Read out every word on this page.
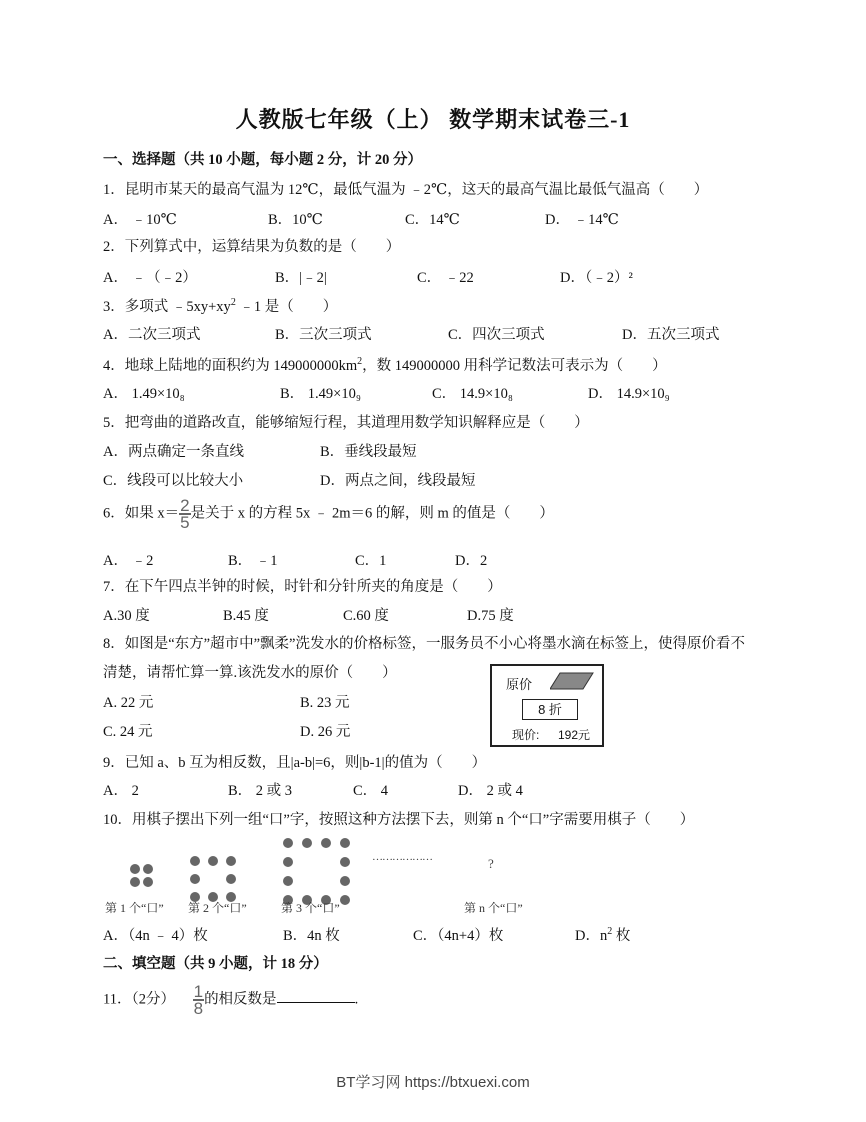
人教版七年级（上） 数学期末试卷三-1
一、选择题（共 10 小题，每小题 2 分，计 20 分）
1．昆明市某天的最高气温为 12℃，最低气温为 ﹣2℃，这天的最高气温比最低气温高（　　）
A． ﹣10℃	B．10℃	C．14℃	D． ﹣14℃
2．下列算式中，运算结果为负数的是（　　）
A． ﹣（﹣2）	B．|﹣2|	C． ﹣22	D．（﹣2）²
3．多项式 $﹣5xy+xy^2$ ﹣1 是（　　）
A．二次三项式	B．三次三项式	C．四次三项式	D．五次三项式
4．地球上陆地的面积约为 $149000000km^2$，数 149000000 用科学记数法可表示为（　　）
A． 1.49×10₈	B． 1.49×10₉	C． 14.9×10₈	D． 14.9×10₉
5．把弯曲的道路改直，能够缩短行程，其道理用数学知识解释应是（　　）
A．两点确定一条直线	B．垂线段最短
C．线段可以比较大小	D．两点之间，线段最短
6．如果 $x= \frac{2}{5}$ 是关于 x 的方程 5x ﹣ 2m＝6 的解，则 m 的值是（　　）
A． ﹣2	B． ﹣1	C．1	D．2
7．在下午四点半钟的时候，时针和分针所夹的角度是（　　）
A.30 度	B.45 度	C.60 度	D.75 度
8．如图是“东方”超市中”飘柔”洗发水的价格标签，一服务员不小心将墨水滴在标签上，使得原价看不
清楚，请帮忙算一算.该洗发水的原价（　　）
A. 22 元	B. 23 元
C. 24 元	D. 26 元
原价
8 折
现价: 192元
9．已知 a、b 互为相反数，且|a-b|=6，则|b-1|的值为（　　）
A． 2	B． 2 或 3	C． 4	D． 2 或 4
10．用棋子摆出下列一组“口”字，按照这种方法摆下去，则第 n 个“口”字需要用棋子（　　）
………………	?
第 1 个“口” 第 2 个“口”	第 3 个“口”	第 n 个“口”
A．（4n ﹣ 4）枚	B．4n 枚	C．（4n+4）枚	D．$n^2$ 枚
二、填空题（共 9 小题，计 18 分）
11．（2分） $\frac{1}{8}$ 的相反数是	.
BT学习网 https://btxuexi.com
